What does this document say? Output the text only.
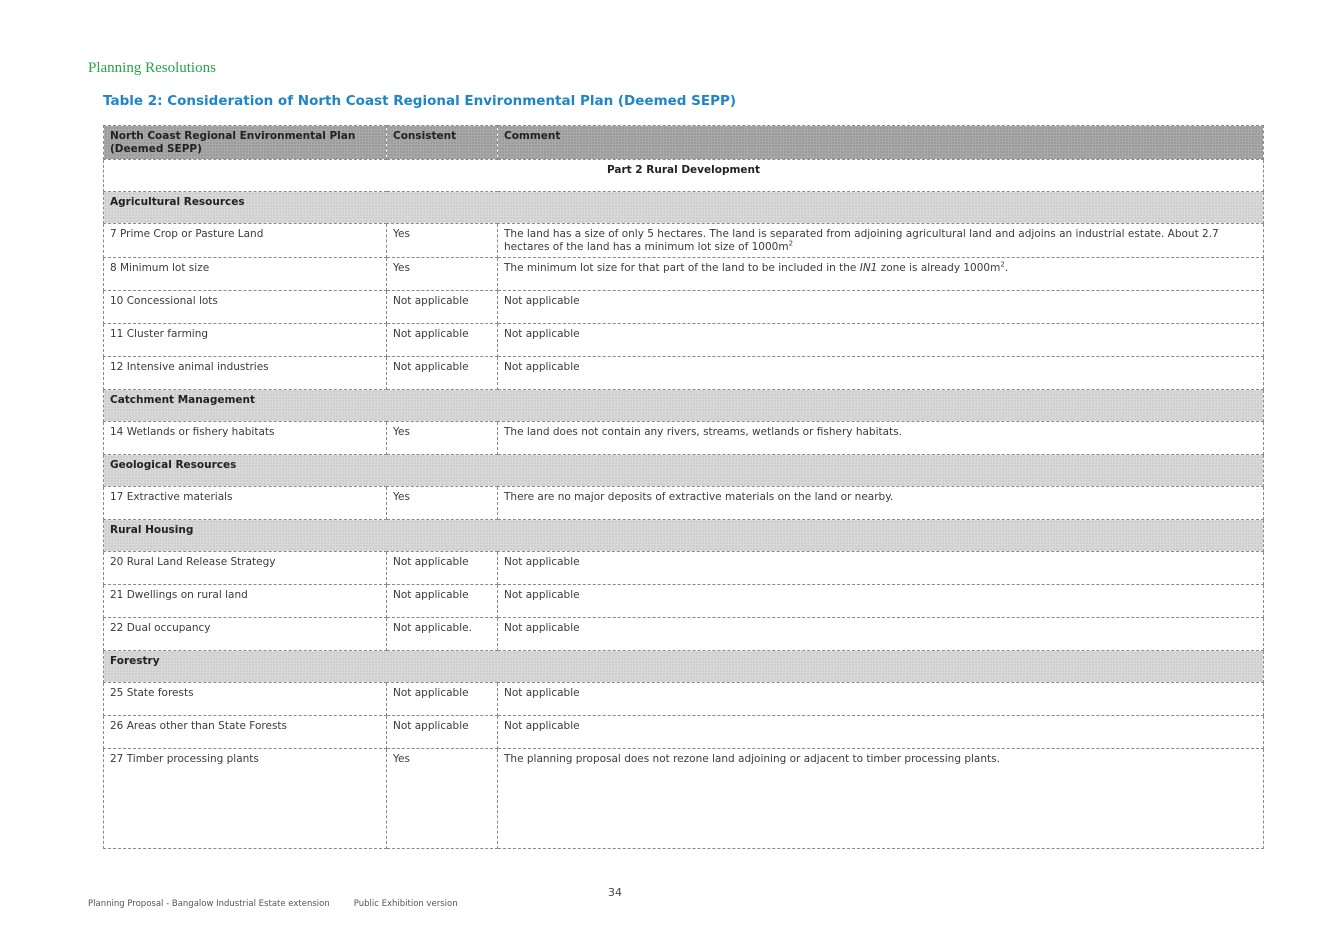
Planning Resolutions
Table 2: Consideration of North Coast Regional Environmental Plan (Deemed SEPP)
North Coast Regional Environmental Plan (Deemed SEPP)	Consistent	Comment
Part 2 Rural Development		
Agricultural Resources		
7 Prime Crop or Pasture Land	Yes	The land has a size of only 5 hectares. The land is separated from adjoining agricultural land and adjoins an industrial estate. About 2.7 hectares of the land has a minimum lot size of $1000m^2$
8 Minimum lot size	Yes	The minimum lot size for that part of the land to be included in the IN1 zone is already $1000m^2$.
10 Concessional lots	Not applicable	Not applicable
11 Cluster farming	Not applicable	Not applicable
12 Intensive animal industries	Not applicable	Not applicable
Catchment Management		
14 Wetlands or fishery habitats	Yes	The land does not contain any rivers, streams, wetlands or fishery habitats.
Geological Resources		
17 Extractive materials	Yes	There are no major deposits of extractive materials on the land or nearby.
Rural Housing		
20 Rural Land Release Strategy	Not applicable	Not applicable
21 Dwellings on rural land	Not applicable	Not applicable
22 Dual occupancy	Not applicable.	Not applicable
Forestry		
25 State forests	Not applicable	Not applicable
26 Areas other than State Forests	Not applicable	Not applicable
27 Timber processing plants	Yes	The planning proposal does not rezone land adjoining or adjacent to timber processing plants.
34
Planning Proposal - Bangalow Industrial Estate extension	Public Exhibition version
